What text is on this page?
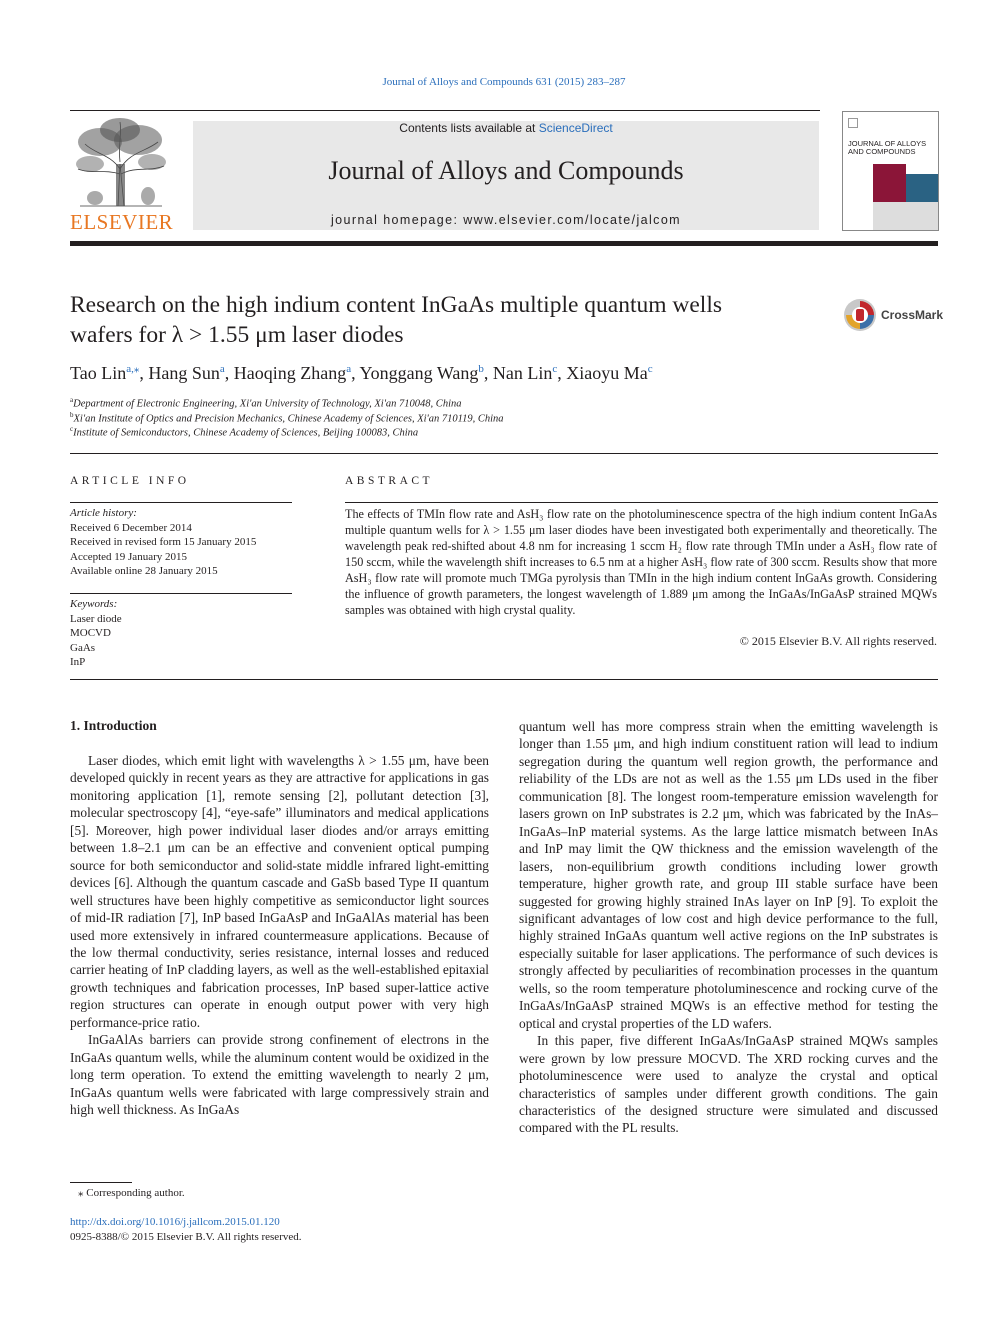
Journal of Alloys and Compounds 631 (2015) 283–287
ELSEVIER
Contents lists available at ScienceDirect
Journal of Alloys and Compounds
journal homepage: www.elsevier.com/locate/jalcom
JOURNAL OF ALLOYS AND COMPOUNDS
Research on the high indium content InGaAs multiple quantum wells
wafers for λ > 1.55 μm laser diodes
CrossMark
Tao Lin$^{a,⁎}$, Hang Sun$^a$, Haoqing Zhang$^a$, Yonggang Wang$^b$, Nan Lin$^c$, Xiaoyu Ma$^c$
$^a$Department of Electronic Engineering, Xi'an University of Technology, Xi'an 710048, China
$^b$Xi'an Institute of Optics and Precision Mechanics, Chinese Academy of Sciences, Xi'an 710119, China
$^c$Institute of Semiconductors, Chinese Academy of Sciences, Beijing 100083, China
ARTICLE INFO
Article history:
Received 6 December 2014
Received in revised form 15 January 2015
Accepted 19 January 2015
Available online 28 January 2015
Keywords:
Laser diode
MOCVD
GaAs
InP
ABSTRACT
The effects of TMIn flow rate and AsH₃ flow rate on the photoluminescence spectra of the high indium content InGaAs multiple quantum wells for λ > 1.55 μm laser diodes have been investigated both experimentally and theoretically. The wavelength peak red-shifted about 4.8 nm for increasing 1 sccm H₂ flow rate through TMIn under a AsH₃ flow rate of 150 sccm, while the wavelength shift increases to 6.5 nm at a higher AsH₃ flow rate of 300 sccm. Results show that more AsH₃ flow rate will promote much TMGa pyrolysis than TMIn in the high indium content InGaAs growth. Considering the influence of growth parameters, the longest wavelength of 1.889 μm among the InGaAs/InGaAsP strained MQWs samples was obtained with high crystal quality.
© 2015 Elsevier B.V. All rights reserved.
1. Introduction

Laser diodes, which emit light with wavelengths λ > 1.55 μm, have been developed quickly in recent years as they are attractive for applications in gas monitoring application [1], remote sensing [2], pollutant detection [3], molecular spectroscopy [4], “eye-safe” illuminators and medical applications [5]. Moreover, high power individual laser diodes and/or arrays emitting between 1.8–2.1 μm can be an effective and convenient optical pumping source for both semiconductor and solid-state middle infrared light-emitting devices [6]. Although the quantum cascade and GaSb based Type II quantum well structures have been highly competitive as semiconductor light sources of mid-IR radiation [7], InP based InGaAsP and InGaAlAs material has been used more extensively in infrared countermeasure applications. Because of the low thermal conductivity, series resistance, internal losses and reduced carrier heating of InP cladding layers, as well as the well-established epitaxial growth techniques and fabrication processes, InP based super-lattice active region structures can operate in enough output power with very high performance-price ratio.

InGaAlAs barriers can provide strong confinement of electrons in the InGaAs quantum wells, while the aluminum content would be oxidized in the long term operation. To extend the emitting wavelength to nearly 2 μm, InGaAs quantum wells were fabricated with large compressively strain and high well thickness. As InGaAs

quantum well has more compress strain when the emitting wavelength is longer than 1.55 μm, and high indium constituent ration will lead to indium segregation during the quantum well region growth, the performance and reliability of the LDs are not as well as the 1.55 μm LDs used in the fiber communication [8]. The longest room-temperature emission wavelength for lasers grown on InP substrates is 2.2 μm, which was fabricated by the InAs–InGaAs–InP material systems. As the large lattice mismatch between InAs and InP may limit the QW thickness and the emission wavelength of the lasers, non-equilibrium growth conditions including lower growth temperature, higher growth rate, and group III stable surface have been suggested for growing highly strained InAs layer on InP [9]. To exploit the significant advantages of low cost and high device performance to the full, highly strained InGaAs quantum well active regions on the InP substrates is especially suitable for laser applications. The performance of such devices is strongly affected by peculiarities of recombination processes in the quantum wells, so the room temperature photoluminescence and rocking curve of the InGaAs/InGaAsP strained MQWs is an effective method for testing the optical and crystal properties of the LD wafers.

In this paper, five different InGaAs/InGaAsP strained MQWs samples were grown by low pressure MOCVD. The XRD rocking curves and the photoluminescence were used to analyze the crystal and optical characteristics of samples under different growth conditions. The gain characteristics of the designed structure were simulated and discussed compared with the PL results.

⁎ Corresponding author.
http://dx.doi.org/10.1016/j.jallcom.2015.01.120
0925-8388/© 2015 Elsevier B.V. All rights reserved.
